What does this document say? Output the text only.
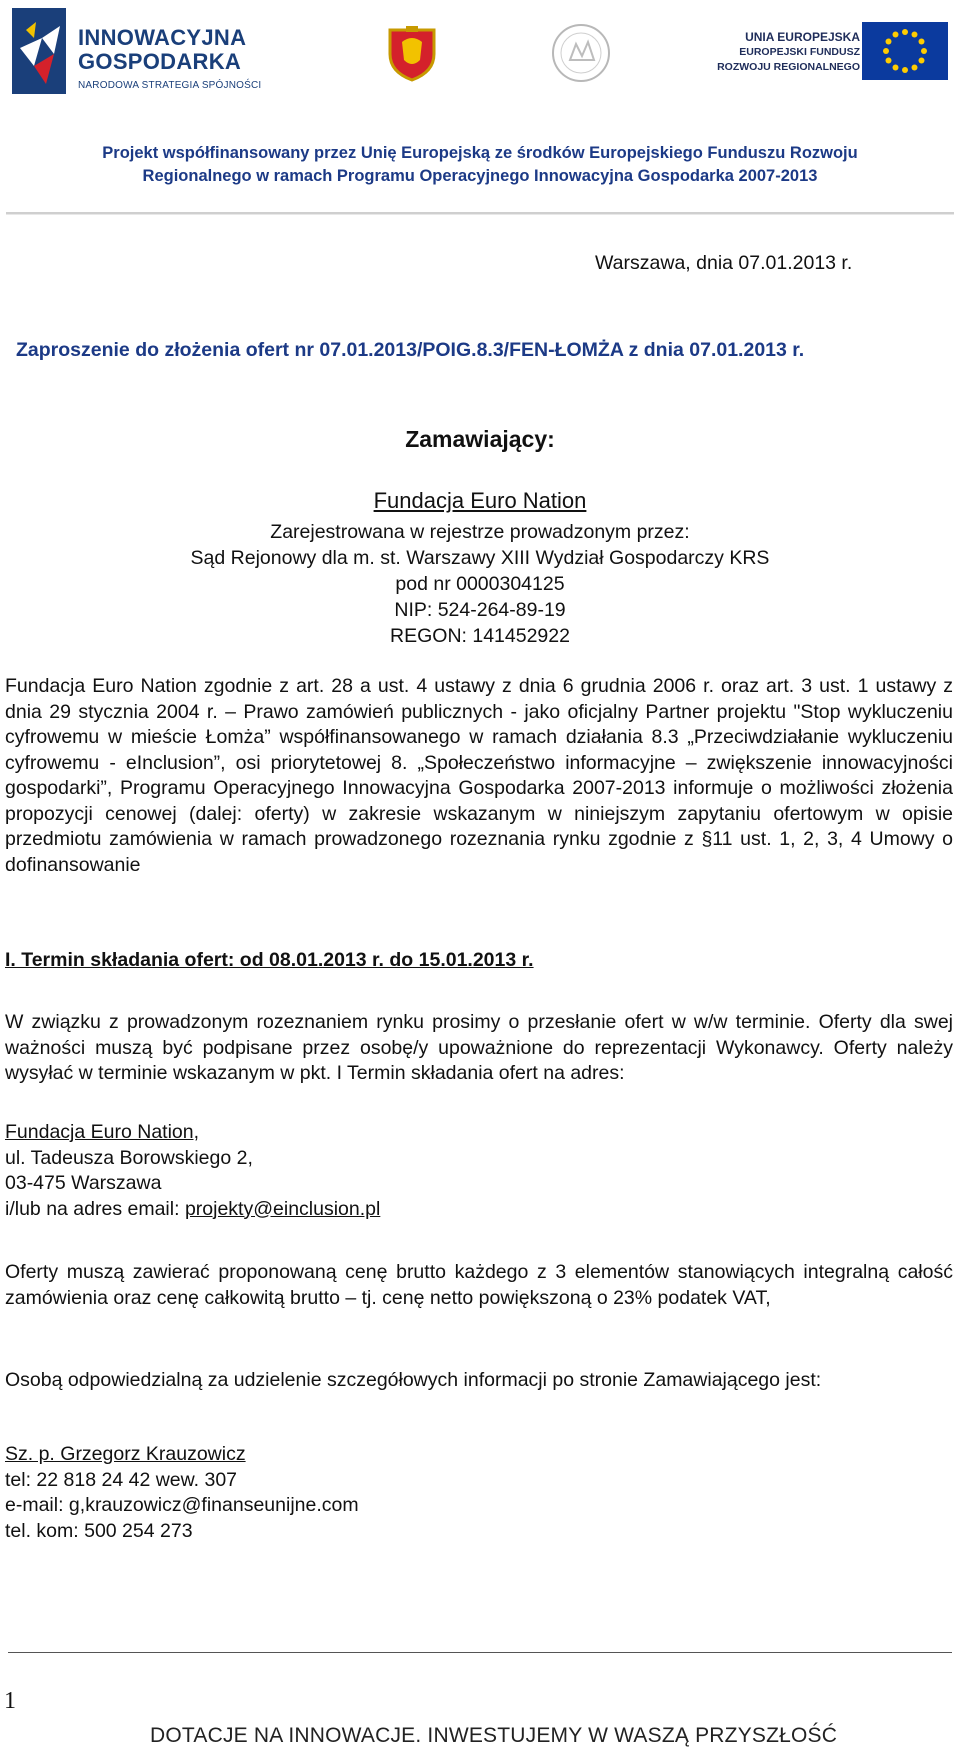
INNOWACYJNA
GOSPODARKA
NARODOWA STRATEGIA SPÓJNOŚCI
UNIA EUROPEJSKA
EUROPEJSKI FUNDUSZ
ROZWOJU REGIONALNEGO
Projekt współfinansowany przez Unię Europejską ze środków Europejskiego Funduszu Rozwoju
Regionalnego w ramach Programu Operacyjnego Innowacyjna Gospodarka 2007-2013
Warszawa, dnia 07.01.2013 r.
Zaproszenie do złożenia ofert nr 07.01.2013/POIG.8.3/FEN-ŁOMŻA z dnia 07.01.2013 r.
Zamawiający:
Fundacja Euro Nation
Zarejestrowana w rejestrze prowadzonym przez:
Sąd Rejonowy dla m. st. Warszawy XIII Wydział Gospodarczy KRS
pod nr 0000304125
NIP: 524-264-89-19
REGON: 141452922
Fundacja Euro Nation zgodnie z art. 28 a ust. 4 ustawy z dnia 6 grudnia 2006 r. oraz art. 3 ust. 1 ustawy z dnia 29 stycznia 2004 r. – Prawo zamówień publicznych - jako oficjalny Partner projektu "Stop wykluczeniu cyfrowemu w mieście Łomża” współfinansowanego w ramach działania 8.3 „Przeciwdziałanie wykluczeniu cyfrowemu - eInclusion”, osi priorytetowej 8. „Społeczeństwo informacyjne – zwiększenie innowacyjności gospodarki”, Programu Operacyjnego Innowacyjna Gospodarka 2007-2013 informuje o możliwości złożenia propozycji cenowej (dalej: oferty) w zakresie wskazanym w niniejszym zapytaniu ofertowym w opisie przedmiotu zamówienia w ramach prowadzonego rozeznania rynku zgodnie z §11 ust. 1, 2, 3, 4 Umowy o dofinansowanie
I. Termin składania ofert: od 08.01.2013 r. do 15.01.2013 r.
W związku z prowadzonym rozeznaniem rynku prosimy o przesłanie ofert w w/w terminie. Oferty dla swej ważności muszą być podpisane przez osobę/y upoważnione do reprezentacji Wykonawcy. Oferty należy wysyłać w terminie wskazanym w pkt. I Termin składania ofert na adres:
Fundacja Euro Nation,
ul. Tadeusza Borowskiego 2,
03-475 Warszawa
i/lub na adres email: projekty@einclusion.pl
Oferty muszą zawierać proponowaną cenę brutto każdego z 3 elementów stanowiących integralną całość zamówienia oraz cenę całkowitą brutto – tj. cenę netto powiększoną o 23% podatek VAT,
Osobą odpowiedzialną za udzielenie szczegółowych informacji po stronie Zamawiającego jest:
Sz. p. Grzegorz Krauzowicz
tel: 22 818 24 42 wew. 307
e-mail: g,krauzowicz@finanseunijne.com
tel. kom: 500 254 273
1
DOTACJE NA INNOWACJE. INWESTUJEMY W WASZĄ PRZYSZŁOŚĆ
